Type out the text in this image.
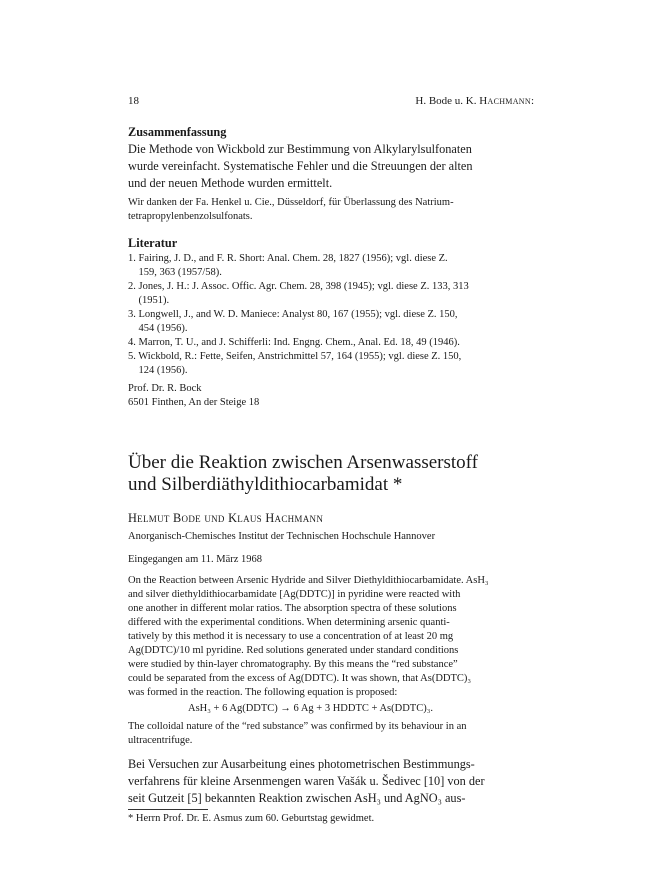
18	H. Bode u. K. Hachmann:
Zusammenfassung
Die Methode von Wickbold zur Bestimmung von Alkylarylsulfonaten
wurde vereinfacht. Systematische Fehler und die Streuungen der alten
und der neuen Methode wurden ermittelt.
Wir danken der Fa. Henkel u. Cie., Düsseldorf, für Überlassung des Natrium-
tetrapropylenbenzolsulfonats.
Literatur
1. Fairing, J. D., and F. R. Short: Anal. Chem. 28, 1827 (1956); vgl. diese Z.
159, 363 (1957/58).
2. Jones, J. H.: J. Assoc. Offic. Agr. Chem. 28, 398 (1945); vgl. diese Z. 133, 313
(1951).
3. Longwell, J., and W. D. Maniece: Analyst 80, 167 (1955); vgl. diese Z. 150,
454 (1956).
4. Marron, T. U., and J. Schifferli: Ind. Engng. Chem., Anal. Ed. 18, 49 (1946).
5. Wickbold, R.: Fette, Seifen, Anstrichmittel 57, 164 (1955); vgl. diese Z. 150,
124 (1956).
Prof. Dr. R. Bock
6501 Finthen, An der Steige 18
Über die Reaktion zwischen Arsenwasserstoff
und Silberdiäthyldithiocarbamidat *
Helmut Bode und Klaus Hachmann
Anorganisch-Chemisches Institut der Technischen Hochschule Hannover
Eingegangen am 11. März 1968
On the Reaction between Arsenic Hydride and Silver Diethyldithiocarbamidate. AsH₃
and silver diethyldithiocarbamidate [Ag(DDTC)] in pyridine were reacted with
one another in different molar ratios. The absorption spectra of these solutions
differed with the experimental conditions. When determining arsenic quanti-
tatively by this method it is necessary to use a concentration of at least 20 mg
Ag(DDTC)/10 ml pyridine. Red solutions generated under standard conditions
were studied by thin-layer chromatography. By this means the “red substance”
could be separated from the excess of Ag(DDTC). It was shown, that As(DDTC)₃
was formed in the reaction. The following equation is proposed:
AsH₃ + 6 Ag(DDTC) → 6 Ag + 3 HDDTC + As(DDTC)₃.
The colloidal nature of the “red substance” was confirmed by its behaviour in an
ultracentrifuge.
Bei Versuchen zur Ausarbeitung eines photometrischen Bestimmungs-
verfahrens für kleine Arsenmengen waren Vašák u. Šedivec [10] von der
seit Gutzeit [5] bekannten Reaktion zwischen AsH₃ und AgNO₃ aus-
* Herrn Prof. Dr. E. Asmus zum 60. Geburtstag gewidmet.
